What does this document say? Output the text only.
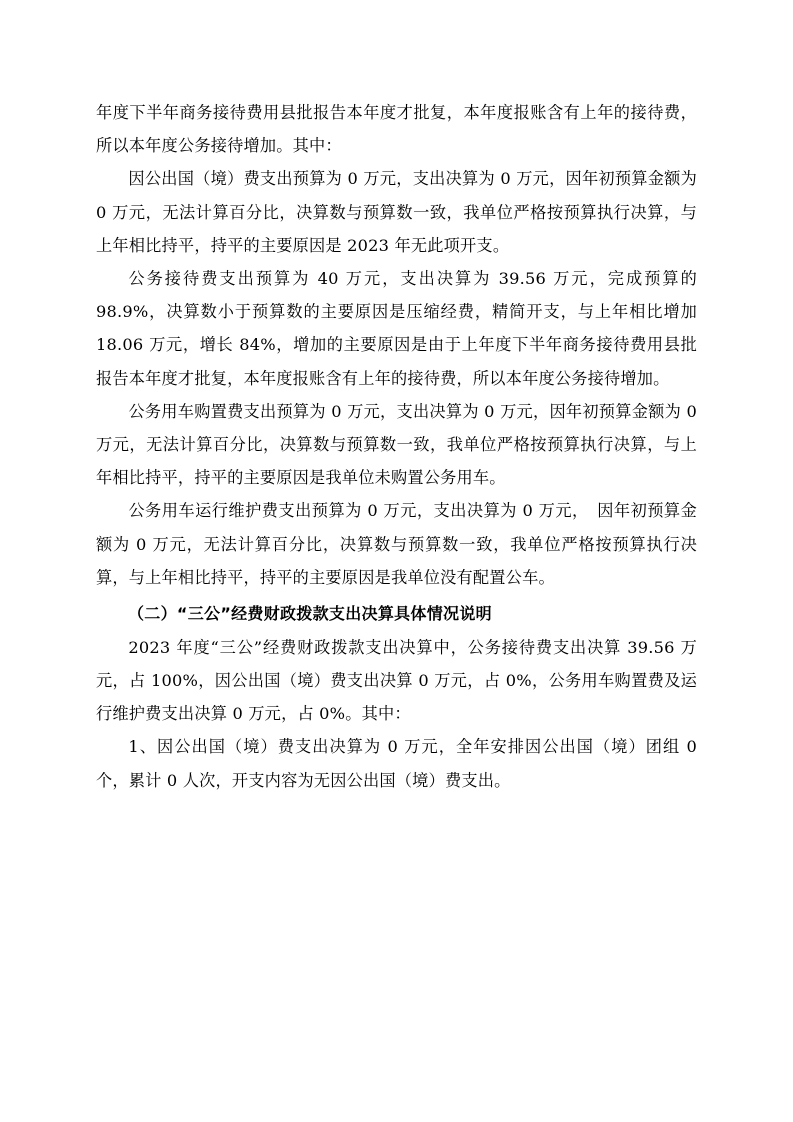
年度下半年商务接待费用县批报告本年度才批复，本年度报账含有上年的接待费，所以本年度公务接待增加。其中：

因公出国（境）费支出预算为 0 万元，支出决算为 0 万元，因年初预算金额为 0 万元，无法计算百分比，决算数与预算数一致，我单位严格按预算执行决算，与上年相比持平，持平的主要原因是 2023 年无此项开支。

公务接待费支出预算为 40 万元，支出决算为 39.56 万元，完成预算的 98.9%，决算数小于预算数的主要原因是压缩经费，精简开支，与上年相比增加 18.06 万元，增长 84%，增加的主要原因是由于上年度下半年商务接待费用县批报告本年度才批复，本年度报账含有上年的接待费，所以本年度公务接待增加。

公务用车购置费支出预算为 0 万元，支出决算为 0 万元，因年初预算金额为 0 万元，无法计算百分比，决算数与预算数一致，我单位严格按预算执行决算，与上年相比持平，持平的主要原因是我单位未购置公务用车。

公务用车运行维护费支出预算为 0 万元，支出决算为 0 万元，　因年初预算金额为 0 万元，无法计算百分比，决算数与预算数一致，我单位严格按预算执行决算，与上年相比持平，持平的主要原因是我单位没有配置公车。

（二）“三公”经费财政拨款支出决算具体情况说明

2023 年度“三公”经费财政拨款支出决算中，公务接待费支出决算 39.56 万元，占 100%，因公出国（境）费支出决算 0 万元，占 0%，公务用车购置费及运行维护费支出决算 0 万元，占 0%。其中：

1、因公出国（境）费支出决算为 0 万元，全年安排因公出国（境）团组 0 个，累计 0 人次，开支内容为无因公出国（境）费支出。
